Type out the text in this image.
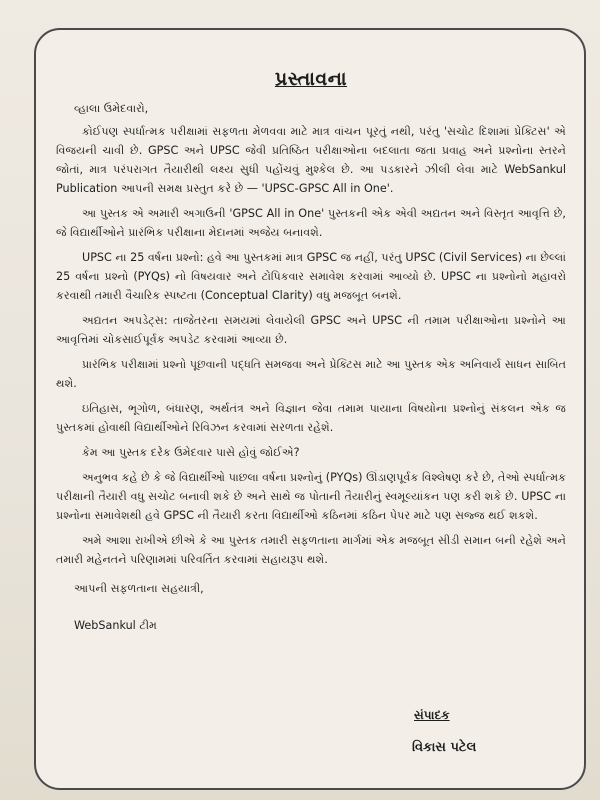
પ્રસ્તાવના
વ્હાલા ઉમેદવારો,

કોઈપણ સ્પર્ધાત્મક પરીક્ષામાં સફળતા મેળવવા માટે માત્ર વાંચન પૂરતું નથી, પરંતુ 'સચોટ દિશામાં પ્રેક્ટિસ' એ વિજયની ચાવી છે. GPSC અને UPSC જેવી પ્રતિષ્ઠિત પરીક્ષાઓના બદલાતા જતા પ્રવાહ અને પ્રશ્નોના સ્તરને જોતાં, માત્ર પરંપરાગત તૈયારીથી લક્ષ્ય સુધી પહોંચવું મુશ્કેલ છે. આ પડકારને ઝીલી લેવા માટે WebSankul Publication આપની સમક્ષ પ્રસ્તુત કરે છે — 'UPSC-GPSC All in One'.

આ પુસ્તક એ અમારી અગાઉની 'GPSC All in One' પુસ્તકની એક એવી અદ્યતન અને વિસ્તૃત આવૃત્તિ છે, જે વિદ્યાર્થીઓને પ્રારંભિક પરીક્ષાના મેદાનમાં અજેય બનાવશે.

UPSC ના 25 વર્ષના પ્રશ્નો: હવે આ પુસ્તકમાં માત્ર GPSC જ નહીં, પરંતુ UPSC (Civil Services) ના છેલ્લાં 25 વર્ષના પ્રશ્નો (PYQs) નો વિષયવાર અને ટોપિકવાર સમાવેશ કરવામાં આવ્યો છે. UPSC ના પ્રશ્નોનો મહાવરો કરવાથી તમારી વૈચારિક સ્પષ્ટતા (Conceptual Clarity) વધુ મજબૂત બનશે.

અદ્યતન અપડેટ્સ: તાજેતરના સમયમાં લેવાયેલી GPSC અને UPSC ની તમામ પરીક્ષાઓના પ્રશ્નોને આ આવૃત્તિમાં ચોકસાઈપૂર્વક અપડેટ કરવામાં આવ્યા છે.

પ્રારંભિક પરીક્ષામાં પ્રશ્નો પૂછવાની પદ્ધતિ સમજવા અને પ્રેક્ટિસ માટે આ પુસ્તક એક અનિવાર્ય સાધન સાબિત થશે.

ઇતિહાસ, ભૂગોળ, બંધારણ, અર્થતંત્ર અને વિજ્ઞાન જેવા તમામ પાયાના વિષયોના પ્રશ્નોનું સંકલન એક જ પુસ્તકમાં હોવાથી વિદ્યાર્થીઓને રિવિઝન કરવામાં સરળતા રહેશે.

કેમ આ પુસ્તક દરેક ઉમેદવાર પાસે હોવું જોઈએ?

અનુભવ કહે છે કે જે વિદ્યાર્થીઓ પાછલા વર્ષના પ્રશ્નોનું (PYQs) ઊંડાણપૂર્વક વિશ્લેષણ કરે છે, તેઓ સ્પર્ધાત્મક પરીક્ષાની તૈયારી વધુ સચોટ બનાવી શકે છે અને સાથે જ પોતાની તૈયારીનું સ્વમૂલ્યાંકન પણ કરી શકે છે. UPSC ના પ્રશ્નોના સમાવેશથી હવે GPSC ની તૈયારી કરતા વિદ્યાર્થીઓ કઠિનમાં કઠિન પેપર માટે પણ સજ્જ થઈ શકશે.

અમે આશા રાખીએ છીએ કે આ પુસ્તક તમારી સફળતાના માર્ગમાં એક મજબૂત સીડી સમાન બની રહેશે અને તમારી મહેનતને પરિણામમાં પરિવર્તિત કરવામાં સહાયરૂપ થશે.

આપની સફળતાના સહયાત્રી,
WebSankul ટીમ
સંપાદક
વિકાસ પટેલ
